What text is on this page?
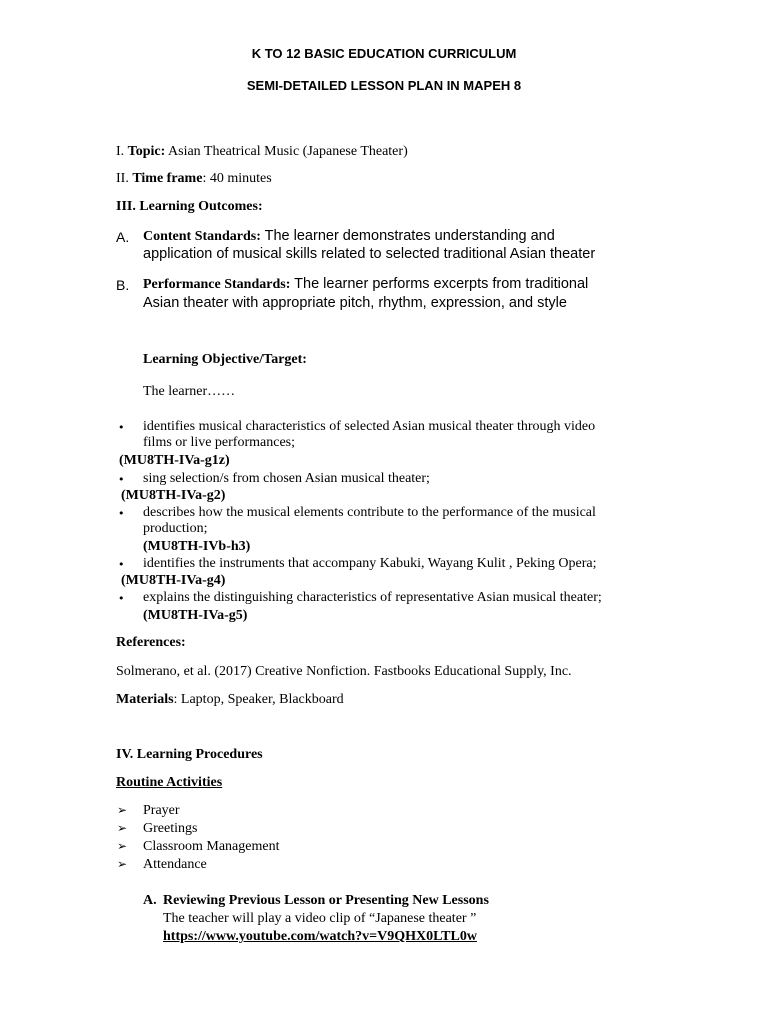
K TO 12 BASIC EDUCATION CURRICULUM
SEMI-DETAILED LESSON PLAN IN MAPEH 8
I. Topic: Asian Theatrical Music (Japanese Theater)
II. Time frame: 40 minutes
III. Learning Outcomes:
A. Content Standards: The learner demonstrates understanding and
application of musical skills related to selected traditional Asian theater
B. Performance Standards: The learner performs excerpts from traditional
Asian theater with appropriate pitch, rhythm, expression, and style
Learning Objective/Target:
The learner……
• identifies musical characteristics of selected Asian musical theater through video
films or live performances;
(MU8TH-IVa-g1z)
• sing selection/s from chosen Asian musical theater;
(MU8TH-IVa-g2)
• describes how the musical elements contribute to the performance of the musical
production;
(MU8TH-IVb-h3)
• identifies the instruments that accompany Kabuki, Wayang Kulit , Peking Opera;
(MU8TH-IVa-g4)
• explains the distinguishing characteristics of representative Asian musical theater;
(MU8TH-IVa-g5)
References:
Solmerano, et al. (2017) Creative Nonfiction. Fastbooks Educational Supply, Inc.
Materials: Laptop, Speaker, Blackboard
IV. Learning Procedures
Routine Activities
➢ Prayer
➢ Greetings
➢ Classroom Management
➢ Attendance
A. Reviewing Previous Lesson or Presenting New Lessons
The teacher will play a video clip of “Japanese theater ”
https://www.youtube.com/watch?v=V9QHX0LTL0w
